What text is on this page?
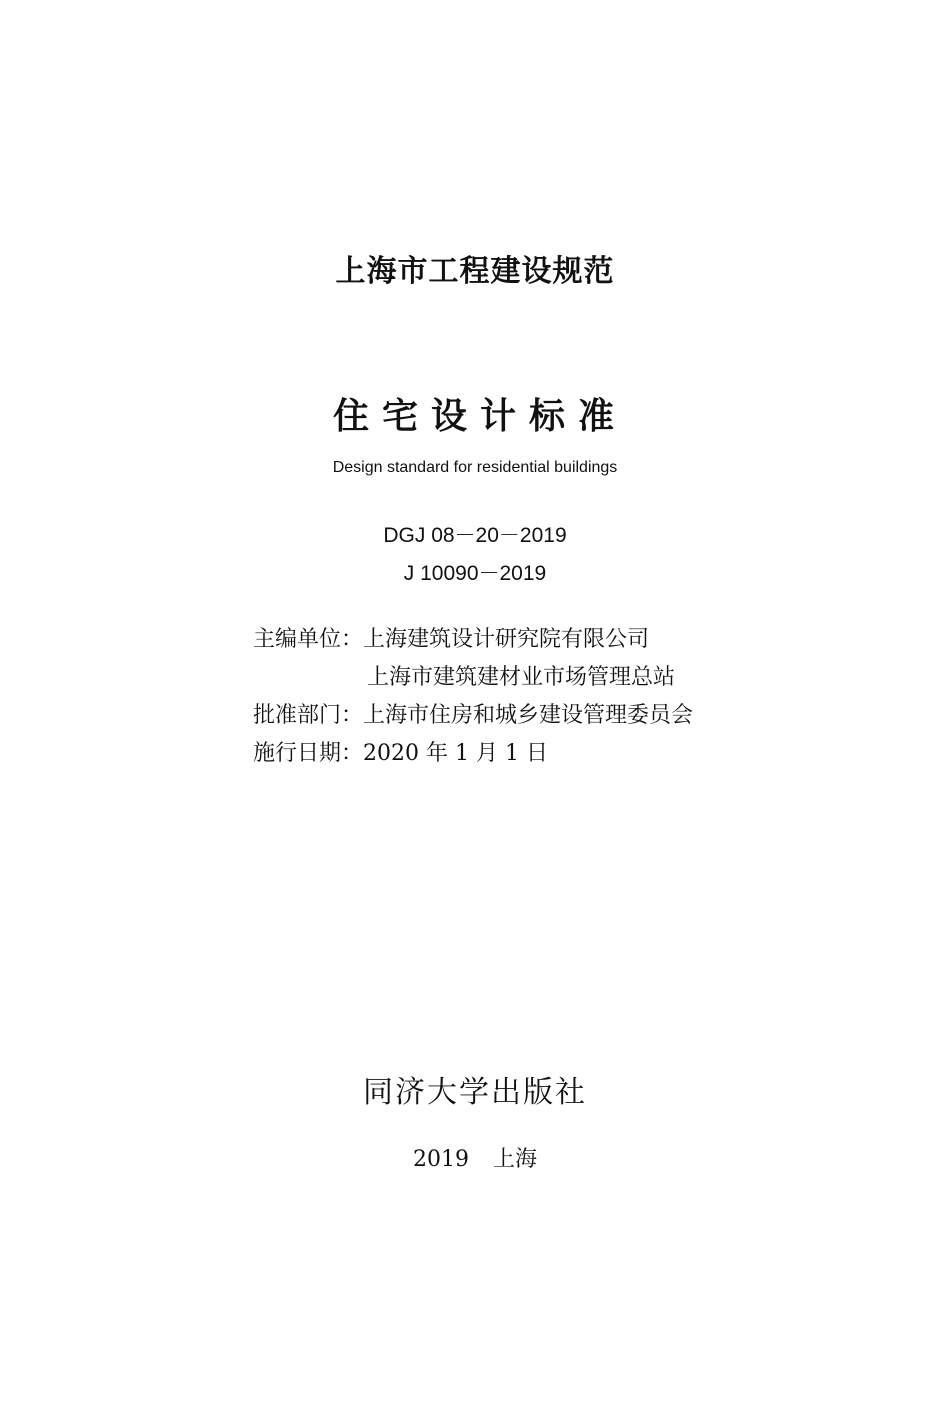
上海市工程建设规范
住宅设计标准
Design standard for residential buildings
DGJ 08－20－2019
J 10090－2019
主编单位：上海建筑设计研究院有限公司
上海市建筑建材业市场管理总站
批准部门：上海市住房和城乡建设管理委员会
施行日期：2020 年 1 月 1 日
同济大学出版社
2019 上海
